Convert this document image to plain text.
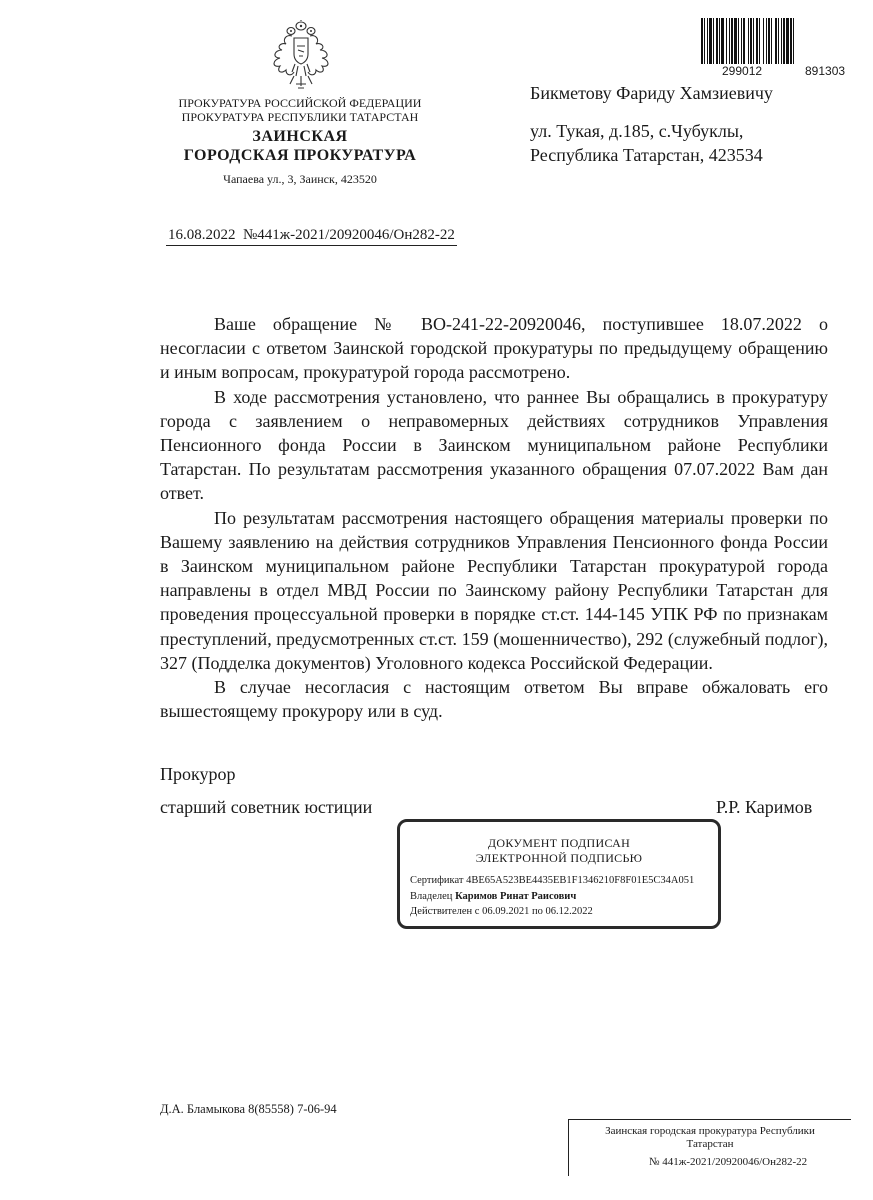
ПРОКУРАТУРА РОССИЙСКОЙ ФЕДЕРАЦИИ
ПРОКУРАТУРА РЕСПУБЛИКИ ТАТАРСТАН
ЗАИНСКАЯ
ГОРОДСКАЯ ПРОКУРАТУРА
Чапаева ул., 3, Заинск, 423520
16.08.2022 №441ж-2021/20920046/Он282-22
299012	891303
Бикметову Фариду Хамзиевичу
ул. Тукая, д.185, с.Чубуклы,
Республика Татарстан, 423534

Ваше обращение № ВО-241-22-20920046, поступившее 18.07.2022 о несогласии с ответом Заинской городской прокуратуры по предыдущему обращению и иным вопросам, прокуратурой города рассмотрено.

В ходе рассмотрения установлено, что раннее Вы обращались в прокуратуру города с заявлением о неправомерных действиях сотрудников Управления Пенсионного фонда России в Заинском муниципальном районе Республики Татарстан. По результатам рассмотрения указанного обращения 07.07.2022 Вам дан ответ.

По результатам рассмотрения настоящего обращения материалы проверки по Вашему заявлению на действия сотрудников Управления Пенсионного фонда России в Заинском муниципальном районе Республики Татарстан прокуратурой города направлены в отдел МВД России по Заинскому району Республики Татарстан для проведения процессуальной проверки в порядке ст.ст. 144-145 УПК РФ по признакам преступлений, предусмотренных ст.ст. 159 (мошенничество), 292 (служебный подлог), 327 (Подделка документов) Уголовного кодекса Российской Федерации.

В случае несогласия с настоящим ответом Вы вправе обжаловать его вышестоящему прокурору или в суд.

Прокурор
старший советник юстиции	Р.Р. Каримов
ДОКУМЕНТ ПОДПИСАН
ЭЛЕКТРОННОЙ ПОДПИСЬЮ
Сертификат 4BE65A523BE4435EB1F1346210F8F01E5C34A051
Владелец Каримов Ринат Раисович
Действителен с 06.09.2021 по 06.12.2022
Д.А. Бламыкова 8(85558) 7-06-94
Заинская городская прокуратура Республики
Татарстан
№ 441ж-2021/20920046/Он282-22
